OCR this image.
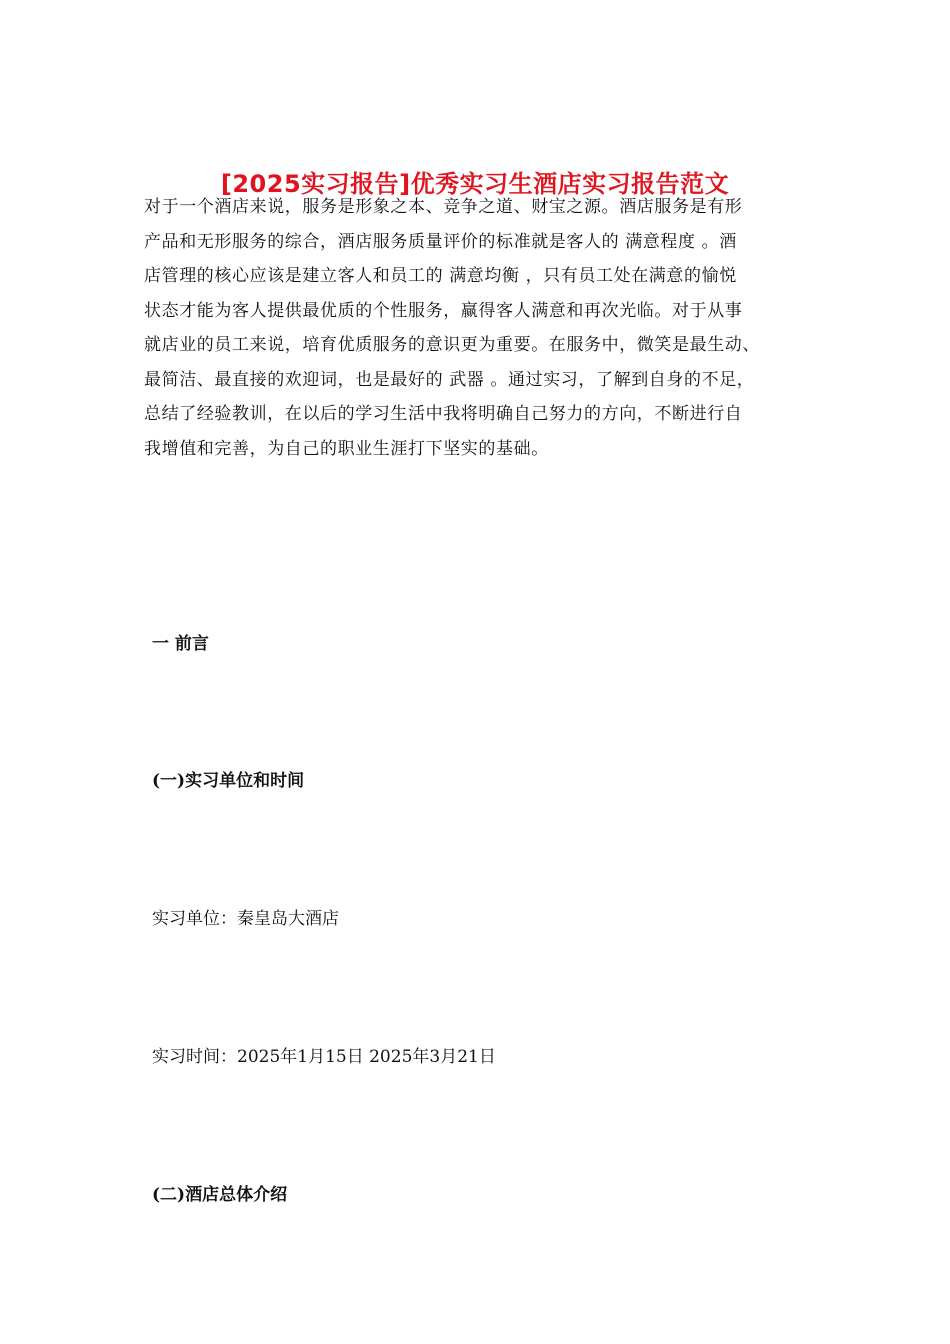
[2025实习报告]优秀实习生酒店实习报告范文

对于一个酒店来说，服务是形象之本、竞争之道、财宝之源。酒店服务是有形
产品和无形服务的综合，酒店服务质量评价的标准就是客人的 满意程度 。酒
店管理的核心应该是建立客人和员工的 满意均衡 ，只有员工处在满意的愉悦
状态才能为客人提供最优质的个性服务，赢得客人满意和再次光临。对于从事
就店业的员工来说，培育优质服务的意识更为重要。在服务中，微笑是最生动、
最简洁、最直接的欢迎词，也是最好的 武器 。通过实习，了解到自身的不足，
总结了经验教训，在以后的学习生活中我将明确自己努力的方向，不断进行自
我增值和完善，为自己的职业生涯打下坚实的基础。

一 前言
(一)实习单位和时间

实习单位：秦皇岛大酒店

实习时间：2025年1月15日 2025年3月21日

(二)酒店总体介绍
